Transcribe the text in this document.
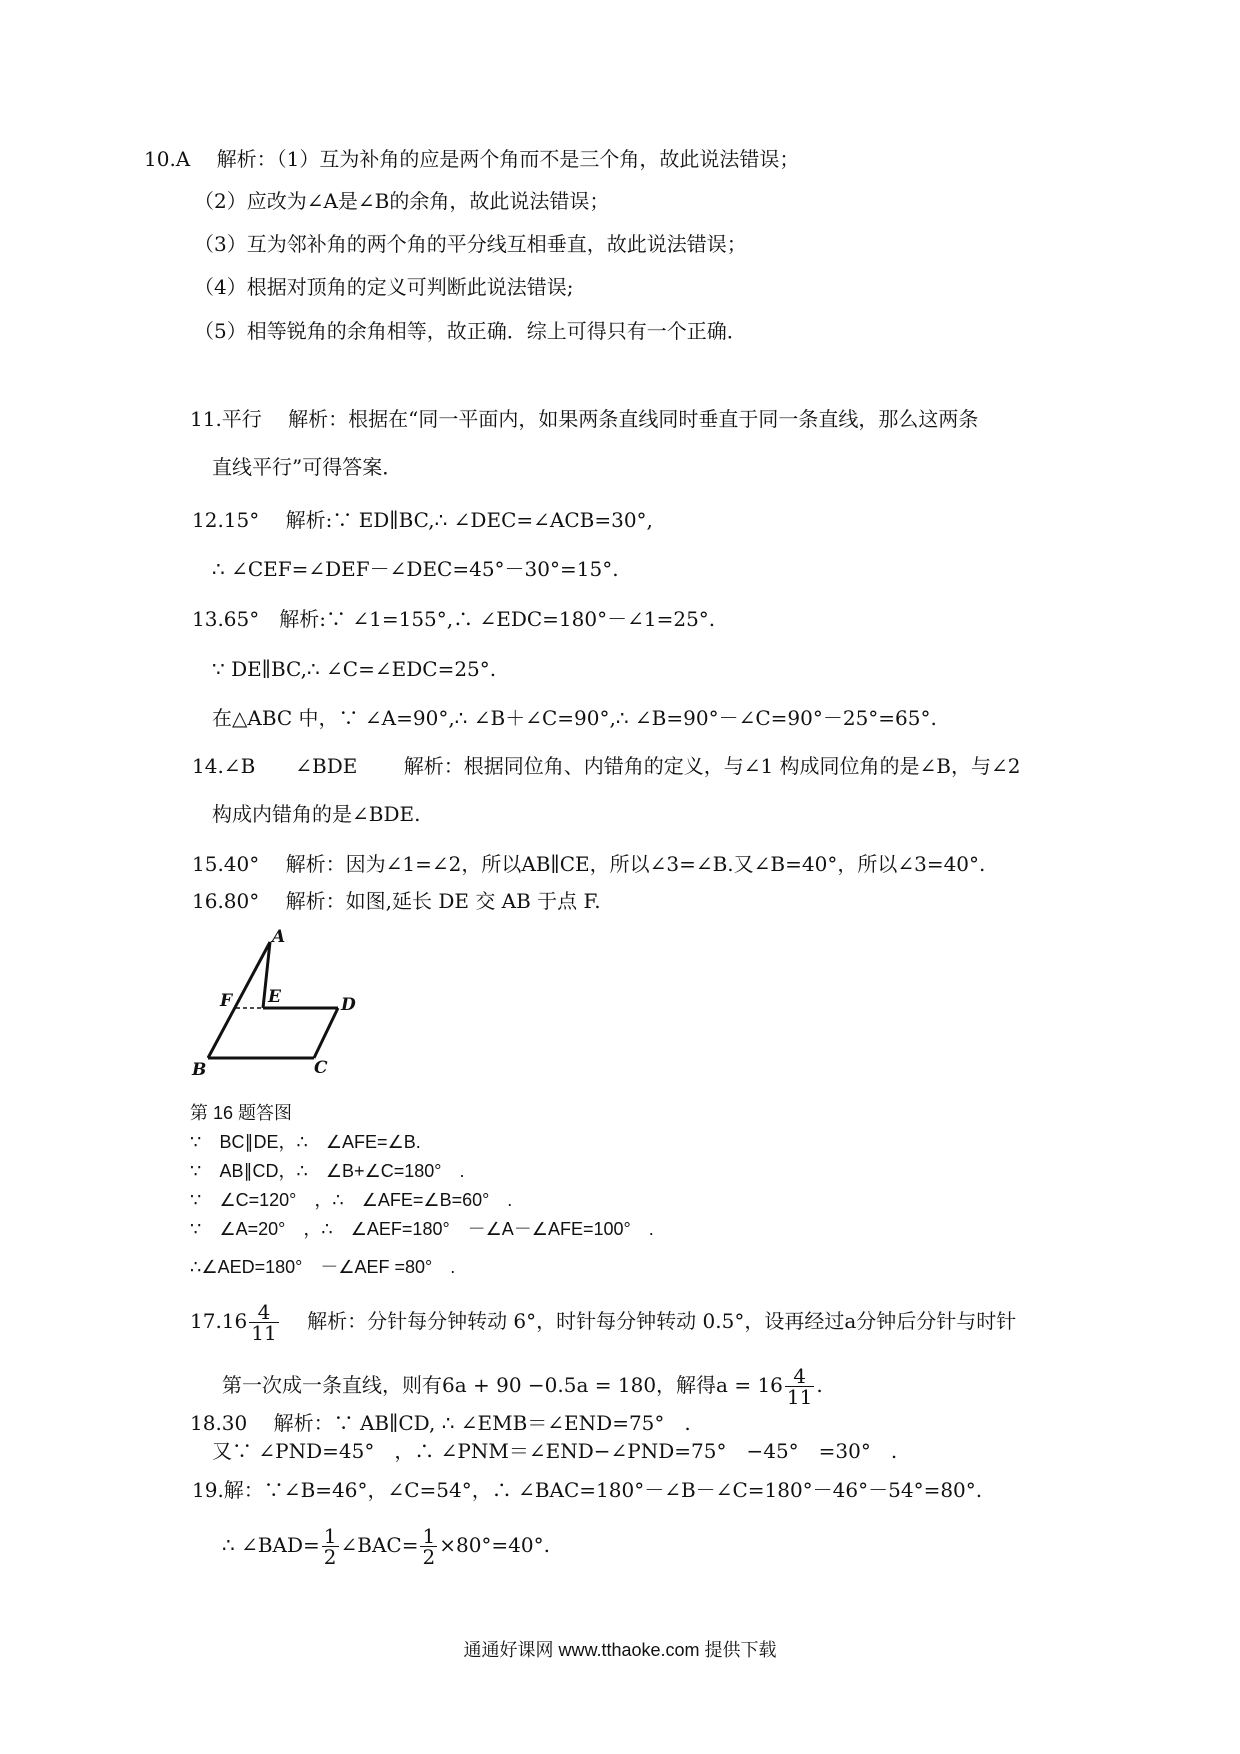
10.A　 解析：（1）互为补角的应是两个角而不是三个角，故此说法错误；
（2）应改为∠A是∠B的余角，故此说法错误；
（3）互为邻补角的两个角的平分线互相垂直，故此说法错误；
（4）根据对顶角的定义可判断此说法错误;
（5）相等锐角的余角相等，故正确．综上可得只有一个正确．
11.平行　 解析：根据在“同一平面内，如果两条直线同时垂直于同一条直线，那么这两条
直线平行”可得答案．
12.15°　 解析:∵ ED∥BC,∴ ∠DEC=∠ACB=30°,
∴ ∠CEF=∠DEF－∠DEC=45°－30°=15°.
13.65°　解析:∵ ∠1=155°,∴ ∠EDC=180°－∠1=25°.
∵ DE∥BC,∴ ∠C=∠EDC=25°.
在△ABC 中，∵ ∠A=90°,∴ ∠B＋∠C=90°,∴ ∠B=90°－∠C=90°－25°=65°.
14.∠B　　∠BDE　　 解析：根据同位角、内错角的定义，与∠1 构成同位角的是∠B，与∠2
构成内错角的是∠BDE.
15.40°　 解析：因为∠1=∠2，所以AB∥CE，所以∠3=∠B.又∠B=40°，所以∠3=40°.
16.80°　 解析：如图,延长 DE 交 AB 于点 F.
A
E
F	D
B	C
第 16 题答图
∵　BC∥DE，∴　∠AFE=∠B.
∵　AB∥CD，∴　∠B+∠C=180°　.
∵　∠C=120°　，∴　∠AFE=∠B=60°　.
∵　∠A=20°　，∴　∠AEF=180°　－∠A－∠AFE=100°　.
∴∠AED=180°　－∠AEF =80°　.
$17.16 \frac{4}{11}$ 　 解析：分针每分钟转动 6°，时针每分钟转动 0.5°，设再经过a分钟后分针与时针
第一次成一条直线，则有6a + 90 −0.5a = 180，解得$a = 16 \frac{4}{11}$ .
18.30　 解析：∵ AB∥CD, ∴ ∠EMB＝∠END=75°　.
又∵ ∠PND=45°　，∴ ∠PNM＝∠END−∠PND=75°　−45°　=30°　.
19.解：∵∠B=46°，∠C=54°，∴ ∠BAC=180°－∠B－∠C=180°－46°－54°=80°.
∴ ∠BAD= $\frac{1}{2}$ ∠BAC= $\frac{1}{2} \times 80^\circ=40^\circ$.
通通好课网 www.tthaoke.com 提供下载
